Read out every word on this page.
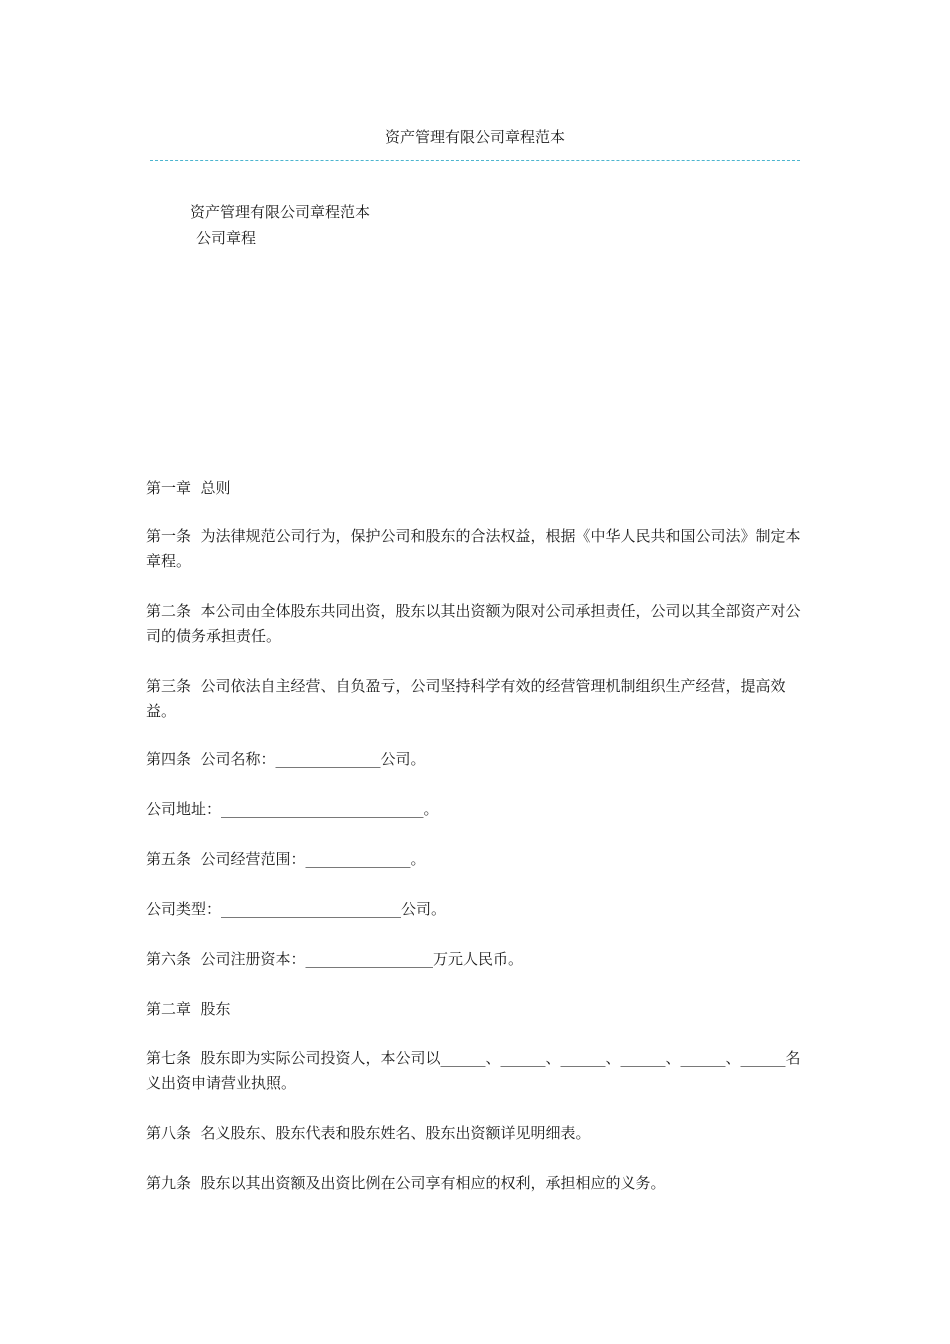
资产管理有限公司章程范本
资产管理有限公司章程范本
公司章程
第一章  总则
第一条  为法律规范公司行为，保护公司和股东的合法权益，根据《中华人民共和国公司法》制定本章程。
第二条  本公司由全体股东共同出资，股东以其出资额为限对公司承担责任，公司以其全部资产对公司的债务承担责任。
第三条  公司依法自主经营、自负盈亏，公司坚持科学有效的经营管理机制组织生产经营，提高效益。
第四条  公司名称：______________公司。
公司地址：___________________________。
第五条  公司经营范围：______________。
公司类型：________________________公司。
第六条  公司注册资本：_________________万元人民币。
第二章  股东
第七条  股东即为实际公司投资人，本公司以______、______、______、______、______、______名义出资申请营业执照。
第八条  名义股东、股东代表和股东姓名、股东出资额详见明细表。
第九条  股东以其出资额及出资比例在公司享有相应的权利，承担相应的义务。
